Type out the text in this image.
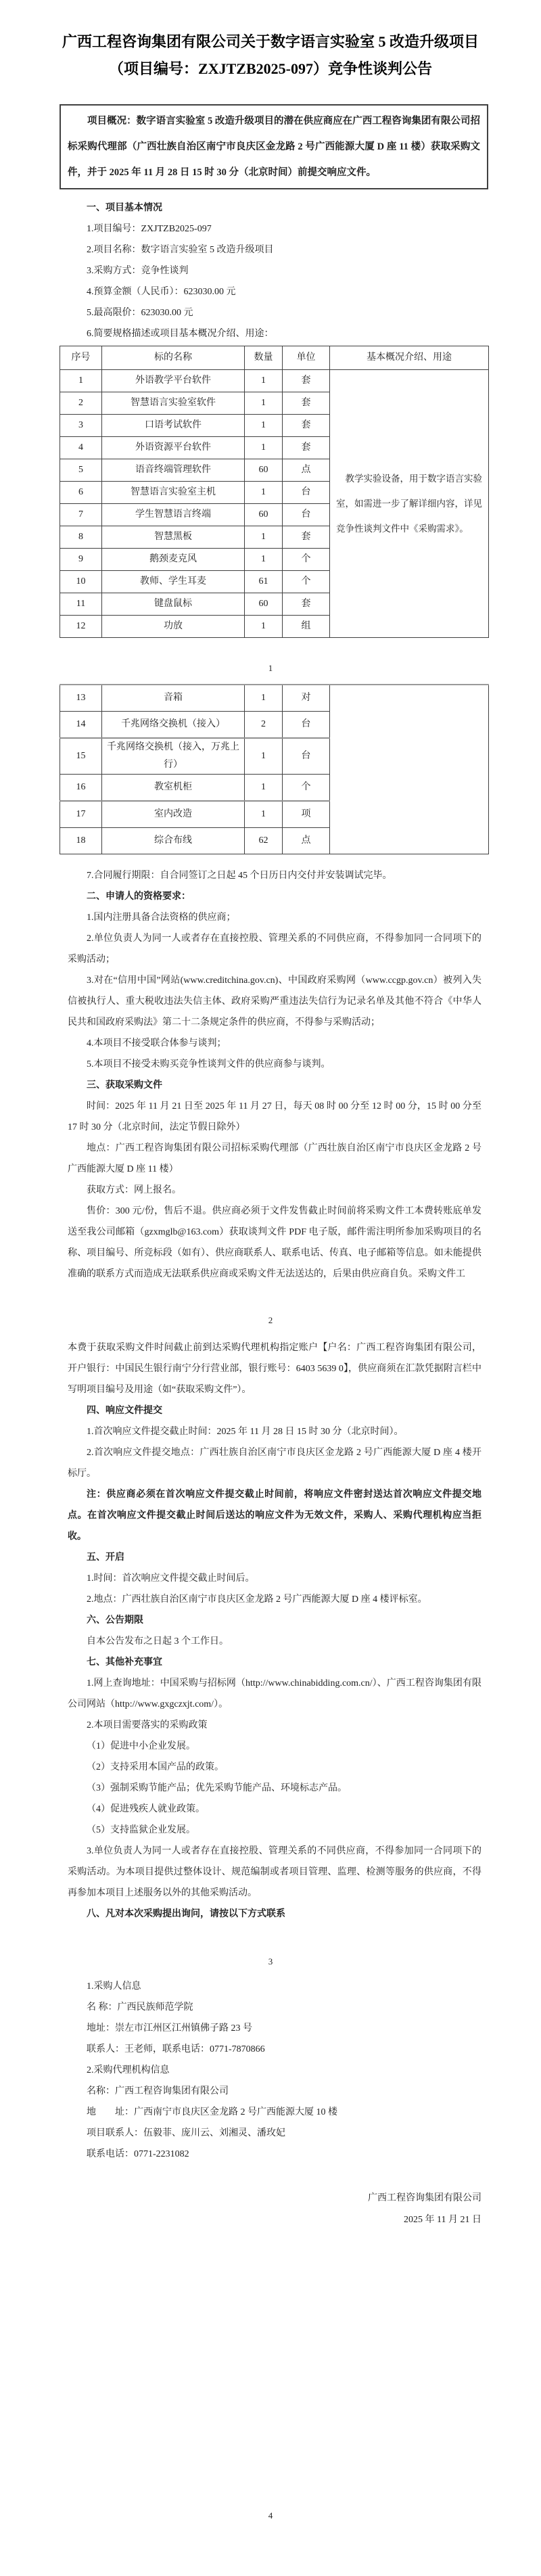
广西工程咨询集团有限公司关于数字语言实验室 5 改造升级项目
（项目编号：ZXJTZB2025-097）竞争性谈判公告

项目概况：数字语言实验室 5 改造升级项目的潜在供应商应在广西工程咨询集团有限公司招标采购代理部（广西壮族自治区南宁市良庆区金龙路 2 号广西能源大厦 D 座 11 楼）获取采购文件，并于 2025 年 11 月 28 日 15 时 30 分（北京时间）前提交响应文件。

一、项目基本情况

1.项目编号：ZXJTZB2025-097

2.项目名称：数字语言实验室 5 改造升级项目

3.采购方式：竞争性谈判

4.预算金额（人民币）：623030.00 元

5.最高限价：623030.00 元

6.简要规格描述或项目基本概况介绍、用途：

序号	标的名称	数量	单位	基本概况介绍、用途
1	外语教学平台软件	1	套	教学实验设备，用于数字语言实验室，如需进一步了解详细内容，详见竞争性谈判文件中《采购需求》。

2	智慧语言实验室软件	1	套	
3	口语考试软件	1	套	
4	外语资源平台软件	1	套	
5	语音终端管理软件	60	点	
6	智慧语言实验室主机	1	台	
7	学生智慧语言终端	60	台	
8	智慧黑板	1	套	
9	鹅颈麦克风	1	个	
10	教师、学生耳麦	61	个	
11	键盘鼠标	60	套	
12	功放	1	组	

1

13	音箱	1	对	
14	千兆网络交换机（接入）	2	台	
15	千兆网络交换机（接入，万兆上行）	1	台	
16	教室机柜	1	个	
17	室内改造	1	项	
18	综合布线	62	点	

7.合同履行期限：自合同签订之日起 45 个日历日内交付并安装调试完毕。

二、申请人的资格要求：

1.国内注册具备合法资格的供应商；

2.单位负责人为同一人或者存在直接控股、管理关系的不同供应商，不得参加同一合同项下的采购活动；

3.对在“信用中国”网站(www.creditchina.gov.cn)、中国政府采购网（www.ccgp.gov.cn）被列入失信被执行人、重大税收违法失信主体、政府采购严重违法失信行为记录名单及其他不符合《中华人民共和国政府采购法》第二十二条规定条件的供应商，不得参与采购活动；

4.本项目不接受联合体参与谈判；

5.本项目不接受未购买竞争性谈判文件的供应商参与谈判。

三、获取采购文件

时间：2025 年 11 月 21 日至 2025 年 11 月 27 日，每天 08 时 00 分至 12 时 00 分，15 时 00 分至 17 时 30 分（北京时间，法定节假日除外）

地点：广西工程咨询集团有限公司招标采购代理部（广西壮族自治区南宁市良庆区金龙路 2 号广西能源大厦 D 座 11 楼）

获取方式：网上报名。

售价：300 元/份，售后不退。供应商必须于文件发售截止时间前将采购文件工本费转账底单发送至我公司邮箱（gzxmglb@163.com）获取谈判文件 PDF 电子版，邮件需注明所参加采购项目的名称、项目编号、所竞标段（如有）、供应商联系人、联系电话、传真、电子邮箱等信息。如未能提供准确的联系方式而造成无法联系供应商或采购文件无法送达的，后果由供应商自负。采购文件工

2

本费于获取采购文件时间截止前到达采购代理机构指定账户【户名：广西工程咨询集团有限公司，开户银行：中国民生银行南宁分行营业部，银行账号：6403 5639 0】，供应商须在汇款凭据附言栏中写明项目编号及用途（如“获取采购文件”）。

四、响应文件提交

1.首次响应文件提交截止时间：2025 年 11 月 28 日 15 时 30 分（北京时间）。

2.首次响应文件提交地点：广西壮族自治区南宁市良庆区金龙路 2 号广西能源大厦 D 座 4 楼开标厅。

注：供应商必须在首次响应文件提交截止时间前，将响应文件密封送达首次响应文件提交地点。在首次响应文件提交截止时间后送达的响应文件为无效文件，采购人、采购代理机构应当拒收。

五、开启

1.时间：首次响应文件提交截止时间后。

2.地点：广西壮族自治区南宁市良庆区金龙路 2 号广西能源大厦 D 座 4 楼评标室。

六、公告期限

自本公告发布之日起 3 个工作日。

七、其他补充事宜

1.网上查询地址：中国采购与招标网（http://www.chinabidding.com.cn/）、广西工程咨询集团有限公司网站（http://www.gxgczxjt.com/）。

2.本项目需要落实的采购政策

（1）促进中小企业发展。

（2）支持采用本国产品的政策。

（3）强制采购节能产品；优先采购节能产品、环境标志产品。

（4）促进残疾人就业政策。

（5）支持监狱企业发展。

3.单位负责人为同一人或者存在直接控股、管理关系的不同供应商，不得参加同一合同项下的采购活动。为本项目提供过整体设计、规范编制或者项目管理、监理、检测等服务的供应商，不得再参加本项目上述服务以外的其他采购活动。

八、凡对本次采购提出询问，请按以下方式联系

3

1.采购人信息

名 称：广西民族师范学院

地址：崇左市江州区江州镇佛子路 23 号

联系人：王老师，联系电话：0771-7870866

2.采购代理机构信息

名称：广西工程咨询集团有限公司

地　　址：广西南宁市良庆区金龙路 2 号广西能源大厦 10 楼

项目联系人：伍毅菲、庞川云、刘湘灵、潘玫妃

联系电话：0771-2231082

广西工程咨询集团有限公司

2025 年 11 月 21 日

4
